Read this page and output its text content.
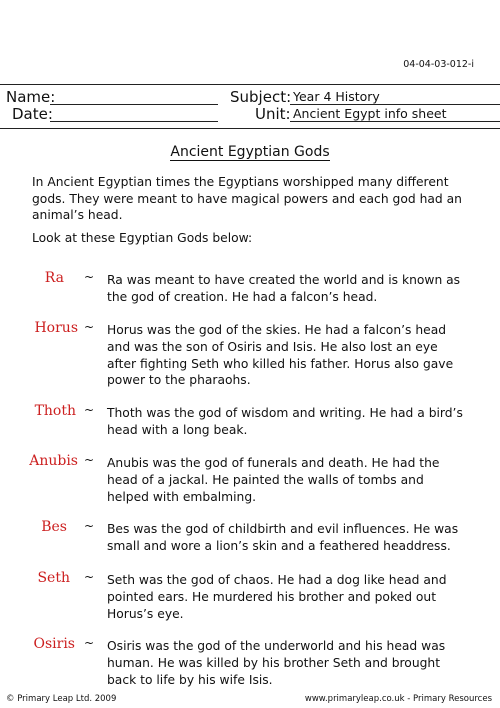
04-04-03-012-i
Name:	Subject: Year 4 History
Date:	Unit: Ancient Egypt info sheet
Ancient Egyptian Gods
In Ancient Egyptian times the Egyptians worshipped many different gods. They were meant to have magical powers and each god had an animal’s head.
Look at these Egyptian Gods below:
Ra ~ Ra was meant to have created the world and is known as the god of creation. He had a falcon’s head.
Horus ~ Horus was the god of the skies. He had a falcon’s head and was the son of Osiris and Isis. He also lost an eye after fighting Seth who killed his father. Horus also gave power to the pharaohs.
Thoth ~ Thoth was the god of wisdom and writing. He had a bird’s head with a long beak.
Anubis ~ Anubis was the god of funerals and death. He had the head of a jackal. He painted the walls of tombs and helped with embalming.
Bes ~ Bes was the god of childbirth and evil influences. He was small and wore a lion’s skin and a feathered headdress.
Seth ~ Seth was the god of chaos. He had a dog like head and pointed ears. He murdered his brother and poked out Horus’s eye.
Osiris ~ Osiris was the god of the underworld and his head was human. He was killed by his brother Seth and brought back to life by his wife Isis.
© Primary Leap Ltd. 2009	www.primaryleap.co.uk - Primary Resources
